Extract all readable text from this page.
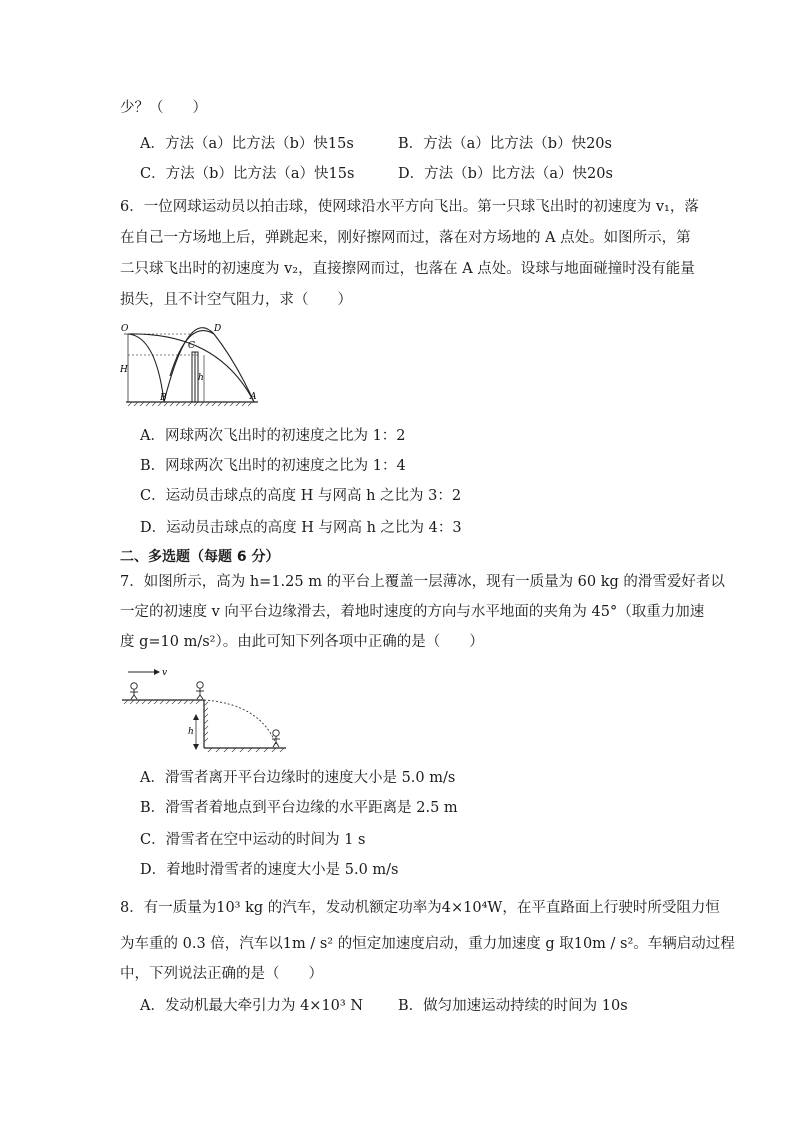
少？（　　）
A．方法（a）比方法（b）快15s	B．方法（a）比方法（b）快20s
C．方法（b）比方法（a）快15s	D．方法（b）比方法（a）快20s
6．一位网球运动员以拍击球，使网球沿水平方向飞出。第一只球飞出时的初速度为 v₁，落
在自己一方场地上后，弹跳起来，刚好擦网而过，落在对方场地的 A 点处。如图所示，第
二只球飞出时的初速度为 v₂，直接擦网而过，也落在 A 点处。设球与地面碰撞时没有能量
损失，且不计空气阻力，求（　　）
O
C
D
H
h
B	A
A．网球两次飞出时的初速度之比为 1：2
B．网球两次飞出时的初速度之比为 1：4
C．运动员击球点的高度 H 与网高 h 之比为 3：2
D．运动员击球点的高度 H 与网高 h 之比为 4：3
二、多选题（每题 6 分）
7．如图所示，高为 h=1.25 m 的平台上覆盖一层薄冰，现有一质量为 60 kg 的滑雪爱好者以
一定的初速度 v 向平台边缘滑去，着地时速度的方向与水平地面的夹角为 45°（取重力加速
度 g=10 m/s²）。由此可知下列各项中正确的是（　　）
v
h
A．滑雪者离开平台边缘时的速度大小是 5.0 m/s
B．滑雪者着地点到平台边缘的水平距离是 2.5 m
C．滑雪者在空中运动的时间为 1 s
D．着地时滑雪者的速度大小是 5.0 m/s
8．有一质量为10³ kg 的汽车，发动机额定功率为4×10⁴W，在平直路面上行驶时所受阻力恒
为车重的 0.3 倍，汽车以1m / s² 的恒定加速度启动，重力加速度 g 取10m / s²。车辆启动过程
中，下列说法正确的是（　　）
A．发动机最大牵引力为 4×10³ N B．做匀加速运动持续的时间为 10s
